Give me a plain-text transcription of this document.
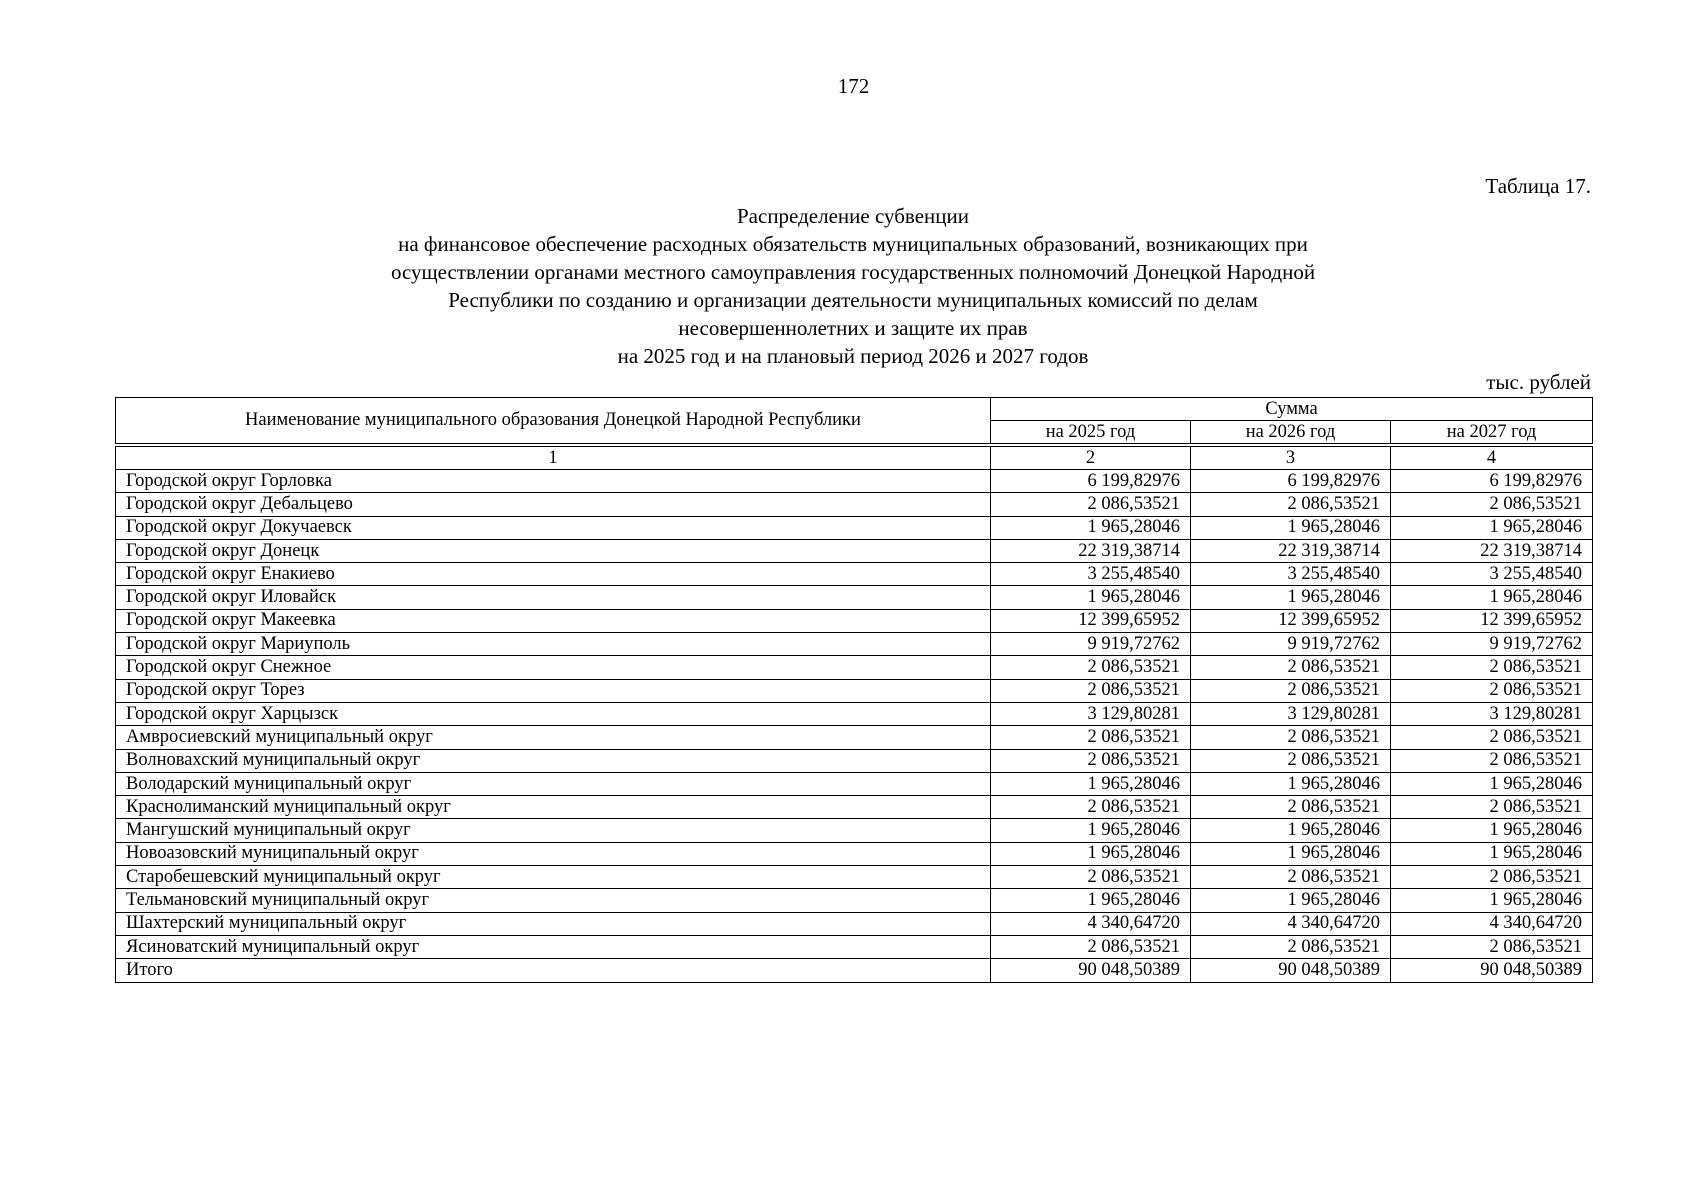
172
Таблица 17.
Распределение субвенции
на финансовое обеспечение расходных обязательств муниципальных образований, возникающих при
осуществлении органами местного самоуправления государственных полномочий Донецкой Народной
Республики по созданию и организации деятельности муниципальных комиссий по делам
несовершеннолетних и защите их прав
на 2025 год и на плановый период 2026 и 2027 годов
тыс. рублей
Наименование муниципального образования Донецкой Народной Республики	Сумма		
	на 2025 год	на 2026 год	на 2027 год
1	2	3	4
Городской округ Горловка	6 199,82976	6 199,82976	6 199,82976
Городской округ Дебальцево	2 086,53521	2 086,53521	2 086,53521
Городской округ Докучаевск	1 965,28046	1 965,28046	1 965,28046
Городской округ Донецк	22 319,38714	22 319,38714	22 319,38714
Городской округ Енакиево	3 255,48540	3 255,48540	3 255,48540
Городской округ Иловайск	1 965,28046	1 965,28046	1 965,28046
Городской округ Макеевка	12 399,65952	12 399,65952	12 399,65952
Городской округ Мариуполь	9 919,72762	9 919,72762	9 919,72762
Городской округ Снежное	2 086,53521	2 086,53521	2 086,53521
Городской округ Торез	2 086,53521	2 086,53521	2 086,53521
Городской округ Харцызск	3 129,80281	3 129,80281	3 129,80281
Амвросиевский муниципальный округ	2 086,53521	2 086,53521	2 086,53521
Волновахский муниципальный округ	2 086,53521	2 086,53521	2 086,53521
Володарский муниципальный округ	1 965,28046	1 965,28046	1 965,28046
Краснолиманский муниципальный округ	2 086,53521	2 086,53521	2 086,53521
Мангушский муниципальный округ	1 965,28046	1 965,28046	1 965,28046
Новоазовский муниципальный округ	1 965,28046	1 965,28046	1 965,28046
Старобешевский муниципальный округ	2 086,53521	2 086,53521	2 086,53521
Тельмановский муниципальный округ	1 965,28046	1 965,28046	1 965,28046
Шахтерский муниципальный округ	4 340,64720	4 340,64720	4 340,64720
Ясиноватский муниципальный округ	2 086,53521	2 086,53521	2 086,53521
Итого	90 048,50389	90 048,50389	90 048,50389
